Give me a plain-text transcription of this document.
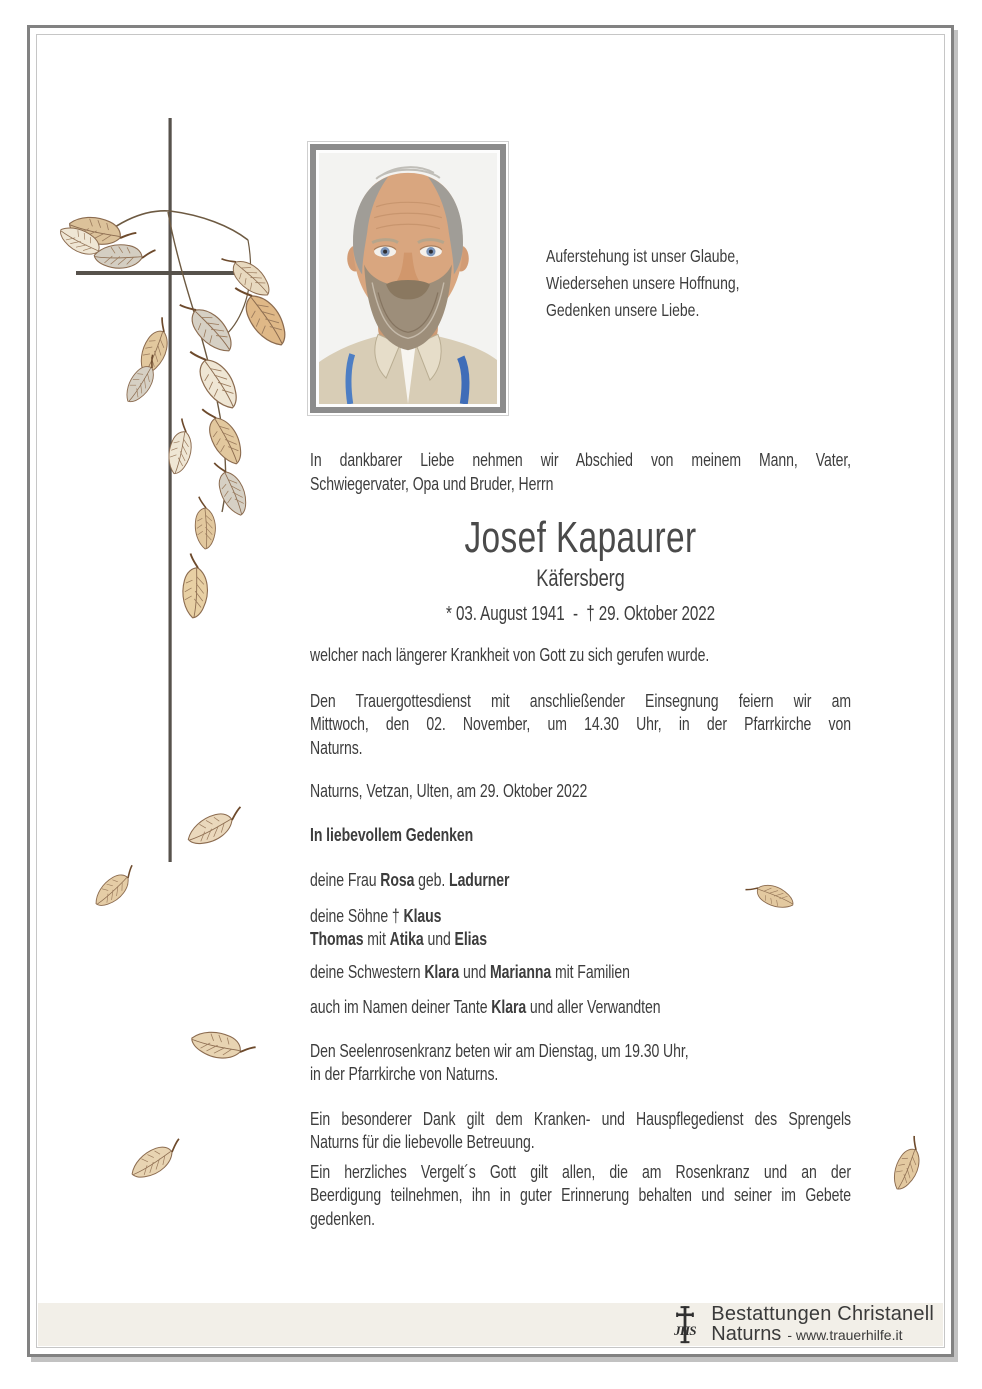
JHS
Bestattungen Christanell
Naturns - www.trauerhilfe.it
Auferstehung ist unser Glaube,
Wiedersehen unsere Hoffnung,
Gedenken unsere Liebe.
In dankbarer Liebe nehmen wir Abschied von meinem Mann, Vater,
Schwiegervater, Opa und Bruder, Herrn
Josef Kapaurer
Käfersberg
* 03. August 1941  -  † 29. Oktober 2022
welcher nach längerer Krankheit von Gott zu sich gerufen wurde.
Den Trauergottesdienst mit anschließender Einsegnung feiern wir am
Mittwoch, den 02. November, um 14.30 Uhr, in der Pfarrkirche von
Naturns.
Naturns, Vetzan, Ulten, am 29. Oktober 2022
In liebevollem Gedenken
deine Frau Rosa geb. Ladurner
deine Söhne † Klaus
Thomas mit Atika und Elias
deine Schwestern Klara und Marianna mit Familien
auch im Namen deiner Tante Klara und aller Verwandten
Den Seelenrosenkranz beten wir am Dienstag, um 19.30 Uhr,
in der Pfarrkirche von Naturns.
Ein besonderer Dank gilt dem Kranken- und Hauspflegedienst des Sprengels
Naturns für die liebevolle Betreuung.
Ein herzliches Vergelt´s Gott gilt allen, die am Rosenkranz und an der
Beerdigung teilnehmen, ihn in guter Erinnerung behalten und seiner im Gebete
gedenken.
